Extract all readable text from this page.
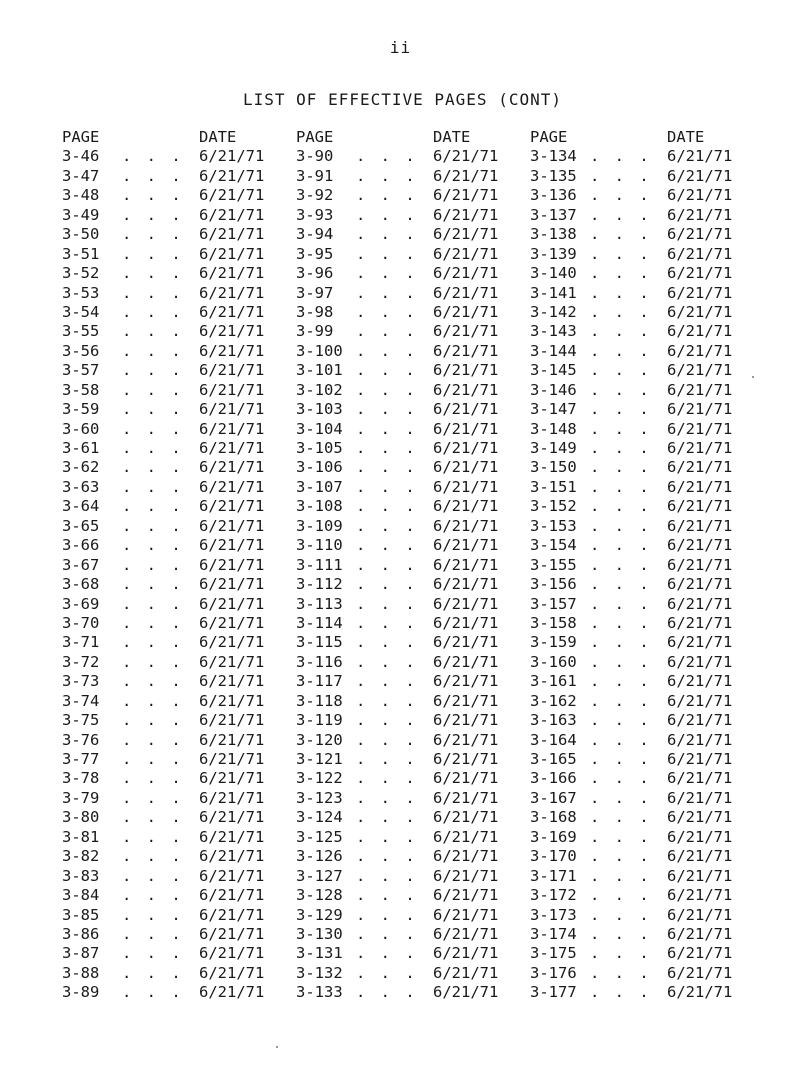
ii
LIST OF EFFECTIVE PAGES (CONT)
PAGE	DATE
3-46 . . . 6/21/71
3-47 . . . 6/21/71
3-48 . . . 6/21/71
3-49 . . . 6/21/71
3-50 . . . 6/21/71
3-51 . . . 6/21/71
3-52 . . . 6/21/71
3-53 . . . 6/21/71
3-54 . . . 6/21/71
3-55 . . . 6/21/71
3-56 . . . 6/21/71
3-57 . . . 6/21/71
3-58 . . . 6/21/71
3-59 . . . 6/21/71
3-60 . . . 6/21/71
3-61 . . . 6/21/71
3-62 . . . 6/21/71
3-63 . . . 6/21/71
3-64 . . . 6/21/71
3-65 . . . 6/21/71
3-66 . . . 6/21/71
3-67 . . . 6/21/71
3-68 . . . 6/21/71
3-69 . . . 6/21/71
3-70 . . . 6/21/71
3-71 . . . 6/21/71
3-72 . . . 6/21/71
3-73 . . . 6/21/71
3-74 . . . 6/21/71
3-75 . . . 6/21/71
3-76 . . . 6/21/71
3-77 . . . 6/21/71
3-78 . . . 6/21/71
3-79 . . . 6/21/71
3-80 . . . 6/21/71
3-81 . . . 6/21/71
3-82 . . . 6/21/71
3-83 . . . 6/21/71
3-84 . . . 6/21/71
3-85 . . . 6/21/71
3-86 . . . 6/21/71
3-87 . . . 6/21/71
3-88 . . . 6/21/71
3-89 . . . 6/21/71
PAGE	DATE
3-90 . . . 6/21/71
3-91 . . . 6/21/71
3-92 . . . 6/21/71
3-93 . . . 6/21/71
3-94 . . . 6/21/71
3-95 . . . 6/21/71
3-96 . . . 6/21/71
3-97 . . . 6/21/71
3-98 . . . 6/21/71
3-99 . . . 6/21/71
3-100 . . . 6/21/71
3-101 . . . 6/21/71
3-102 . . . 6/21/71
3-103 . . . 6/21/71
3-104 . . . 6/21/71
3-105 . . . 6/21/71
3-106 . . . 6/21/71
3-107 . . . 6/21/71
3-108 . . . 6/21/71
3-109 . . . 6/21/71
3-110 . . . 6/21/71
3-111 . . . 6/21/71
3-112 . . . 6/21/71
3-113 . . . 6/21/71
3-114 . . . 6/21/71
3-115 . . . 6/21/71
3-116 . . . 6/21/71
3-117 . . . 6/21/71
3-118 . . . 6/21/71
3-119 . . . 6/21/71
3-120 . . . 6/21/71
3-121 . . . 6/21/71
3-122 . . . 6/21/71
3-123 . . . 6/21/71
3-124 . . . 6/21/71
3-125 . . . 6/21/71
3-126 . . . 6/21/71
3-127 . . . 6/21/71
3-128 . . . 6/21/71
3-129 . . . 6/21/71
3-130 . . . 6/21/71
3-131 . . . 6/21/71
3-132 . . . 6/21/71
3-133 . . . 6/21/71
PAGE	DATE
3-134 . . . 6/21/71
3-135 . . . 6/21/71
3-136 . . . 6/21/71
3-137 . . . 6/21/71
3-138 . . . 6/21/71
3-139 . . . 6/21/71
3-140 . . . 6/21/71
3-141 . . . 6/21/71
3-142 . . . 6/21/71
3-143 . . . 6/21/71
3-144 . . . 6/21/71
3-145 . . . 6/21/71
3-146 . . . 6/21/71
3-147 . . . 6/21/71
3-148 . . . 6/21/71
3-149 . . . 6/21/71
3-150 . . . 6/21/71
3-151 . . . 6/21/71
3-152 . . . 6/21/71
3-153 . . . 6/21/71
3-154 . . . 6/21/71
3-155 . . . 6/21/71
3-156 . . . 6/21/71
3-157 . . . 6/21/71
3-158 . . . 6/21/71
3-159 . . . 6/21/71
3-160 . . . 6/21/71
3-161 . . . 6/21/71
3-162 . . . 6/21/71
3-163 . . . 6/21/71
3-164 . . . 6/21/71
3-165 . . . 6/21/71
3-166 . . . 6/21/71
3-167 . . . 6/21/71
3-168 . . . 6/21/71
3-169 . . . 6/21/71
3-170 . . . 6/21/71
3-171 . . . 6/21/71
3-172 . . . 6/21/71
3-173 . . . 6/21/71
3-174 . . . 6/21/71
3-175 . . . 6/21/71
3-176 . . . 6/21/71
3-177 . . . 6/21/71
